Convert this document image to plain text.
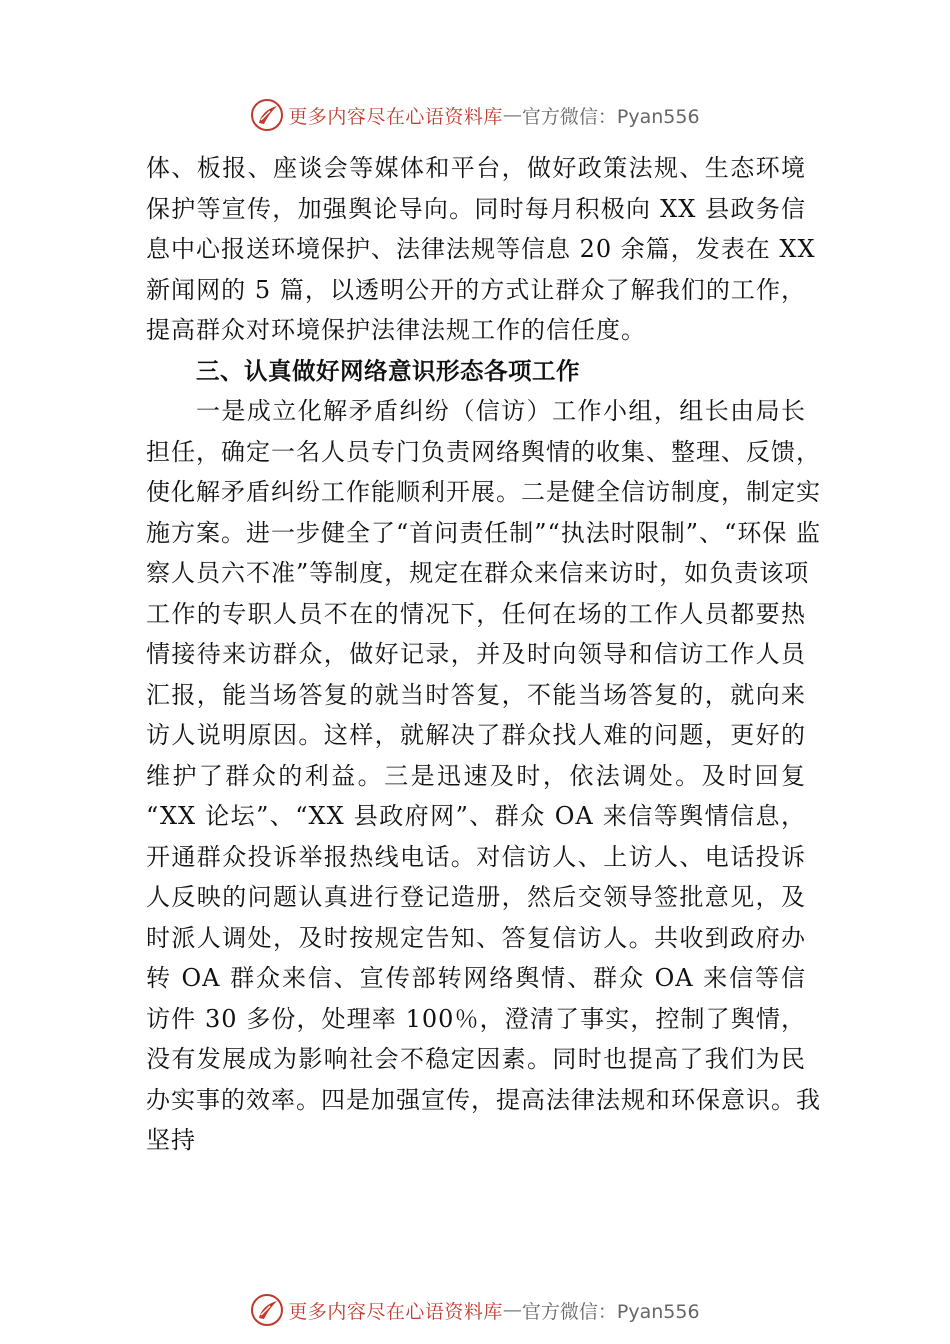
更多内容尽在心语资料库 — 官方微信：Pyan556

体、板报、座谈会等媒体和平台，做好政策法规、生态环境
保护等宣传，加强舆论导向。同时每月积极向 XX 县政务信
息中心报送环境保护、法律法规等信息 20 余篇，发表在 XX
新闻网的 5 篇，以透明公开的方式让群众了解我们的工作，
提高群众对环境保护法律法规工作的信任度。

三、认真做好网络意识形态各项工作

一是成立化解矛盾纠纷（信访）工作小组，组长由局长
担任，确定一名人员专门负责网络舆情的收集、整理、反馈，
使化解矛盾纠纷工作能顺利开展。二是健全信访制度，制定实
施方案。进一步健全了“首问责任制”“执法时限制”、“环保 监
察人员六不准”等制度，规定在群众来信来访时，如负责该项
工作的专职人员不在的情况下，任何在场的工作人员都要热
情接待来访群众，做好记录，并及时向领导和信访工作人员
汇报，能当场答复的就当时答复，不能当场答复的，就向来
访人说明原因。这样，就解决了群众找人难的问题，更好的
维护了群众的利益。三是迅速及时，依法调处。及时回复
“XX 论坛”、“XX 县政府网”、群众 OA 来信等舆情信息，
开通群众投诉举报热线电话。对信访人、上访人、电话投诉
人反映的问题认真进行登记造册，然后交领导签批意见，及
时派人调处，及时按规定告知、答复信访人。共收到政府办
转 OA 群众来信、宣传部转网络舆情、群众 OA 来信等信
访件 30 多份，处理率 100％，澄清了事实，控制了舆情，
没有发展成为影响社会不稳定因素。同时也提高了我们为民
办实事的效率。四是加强宣传，提高法律法规和环保意识。我
坚持

更多内容尽在心语资料库 — 官方微信：Pyan556
